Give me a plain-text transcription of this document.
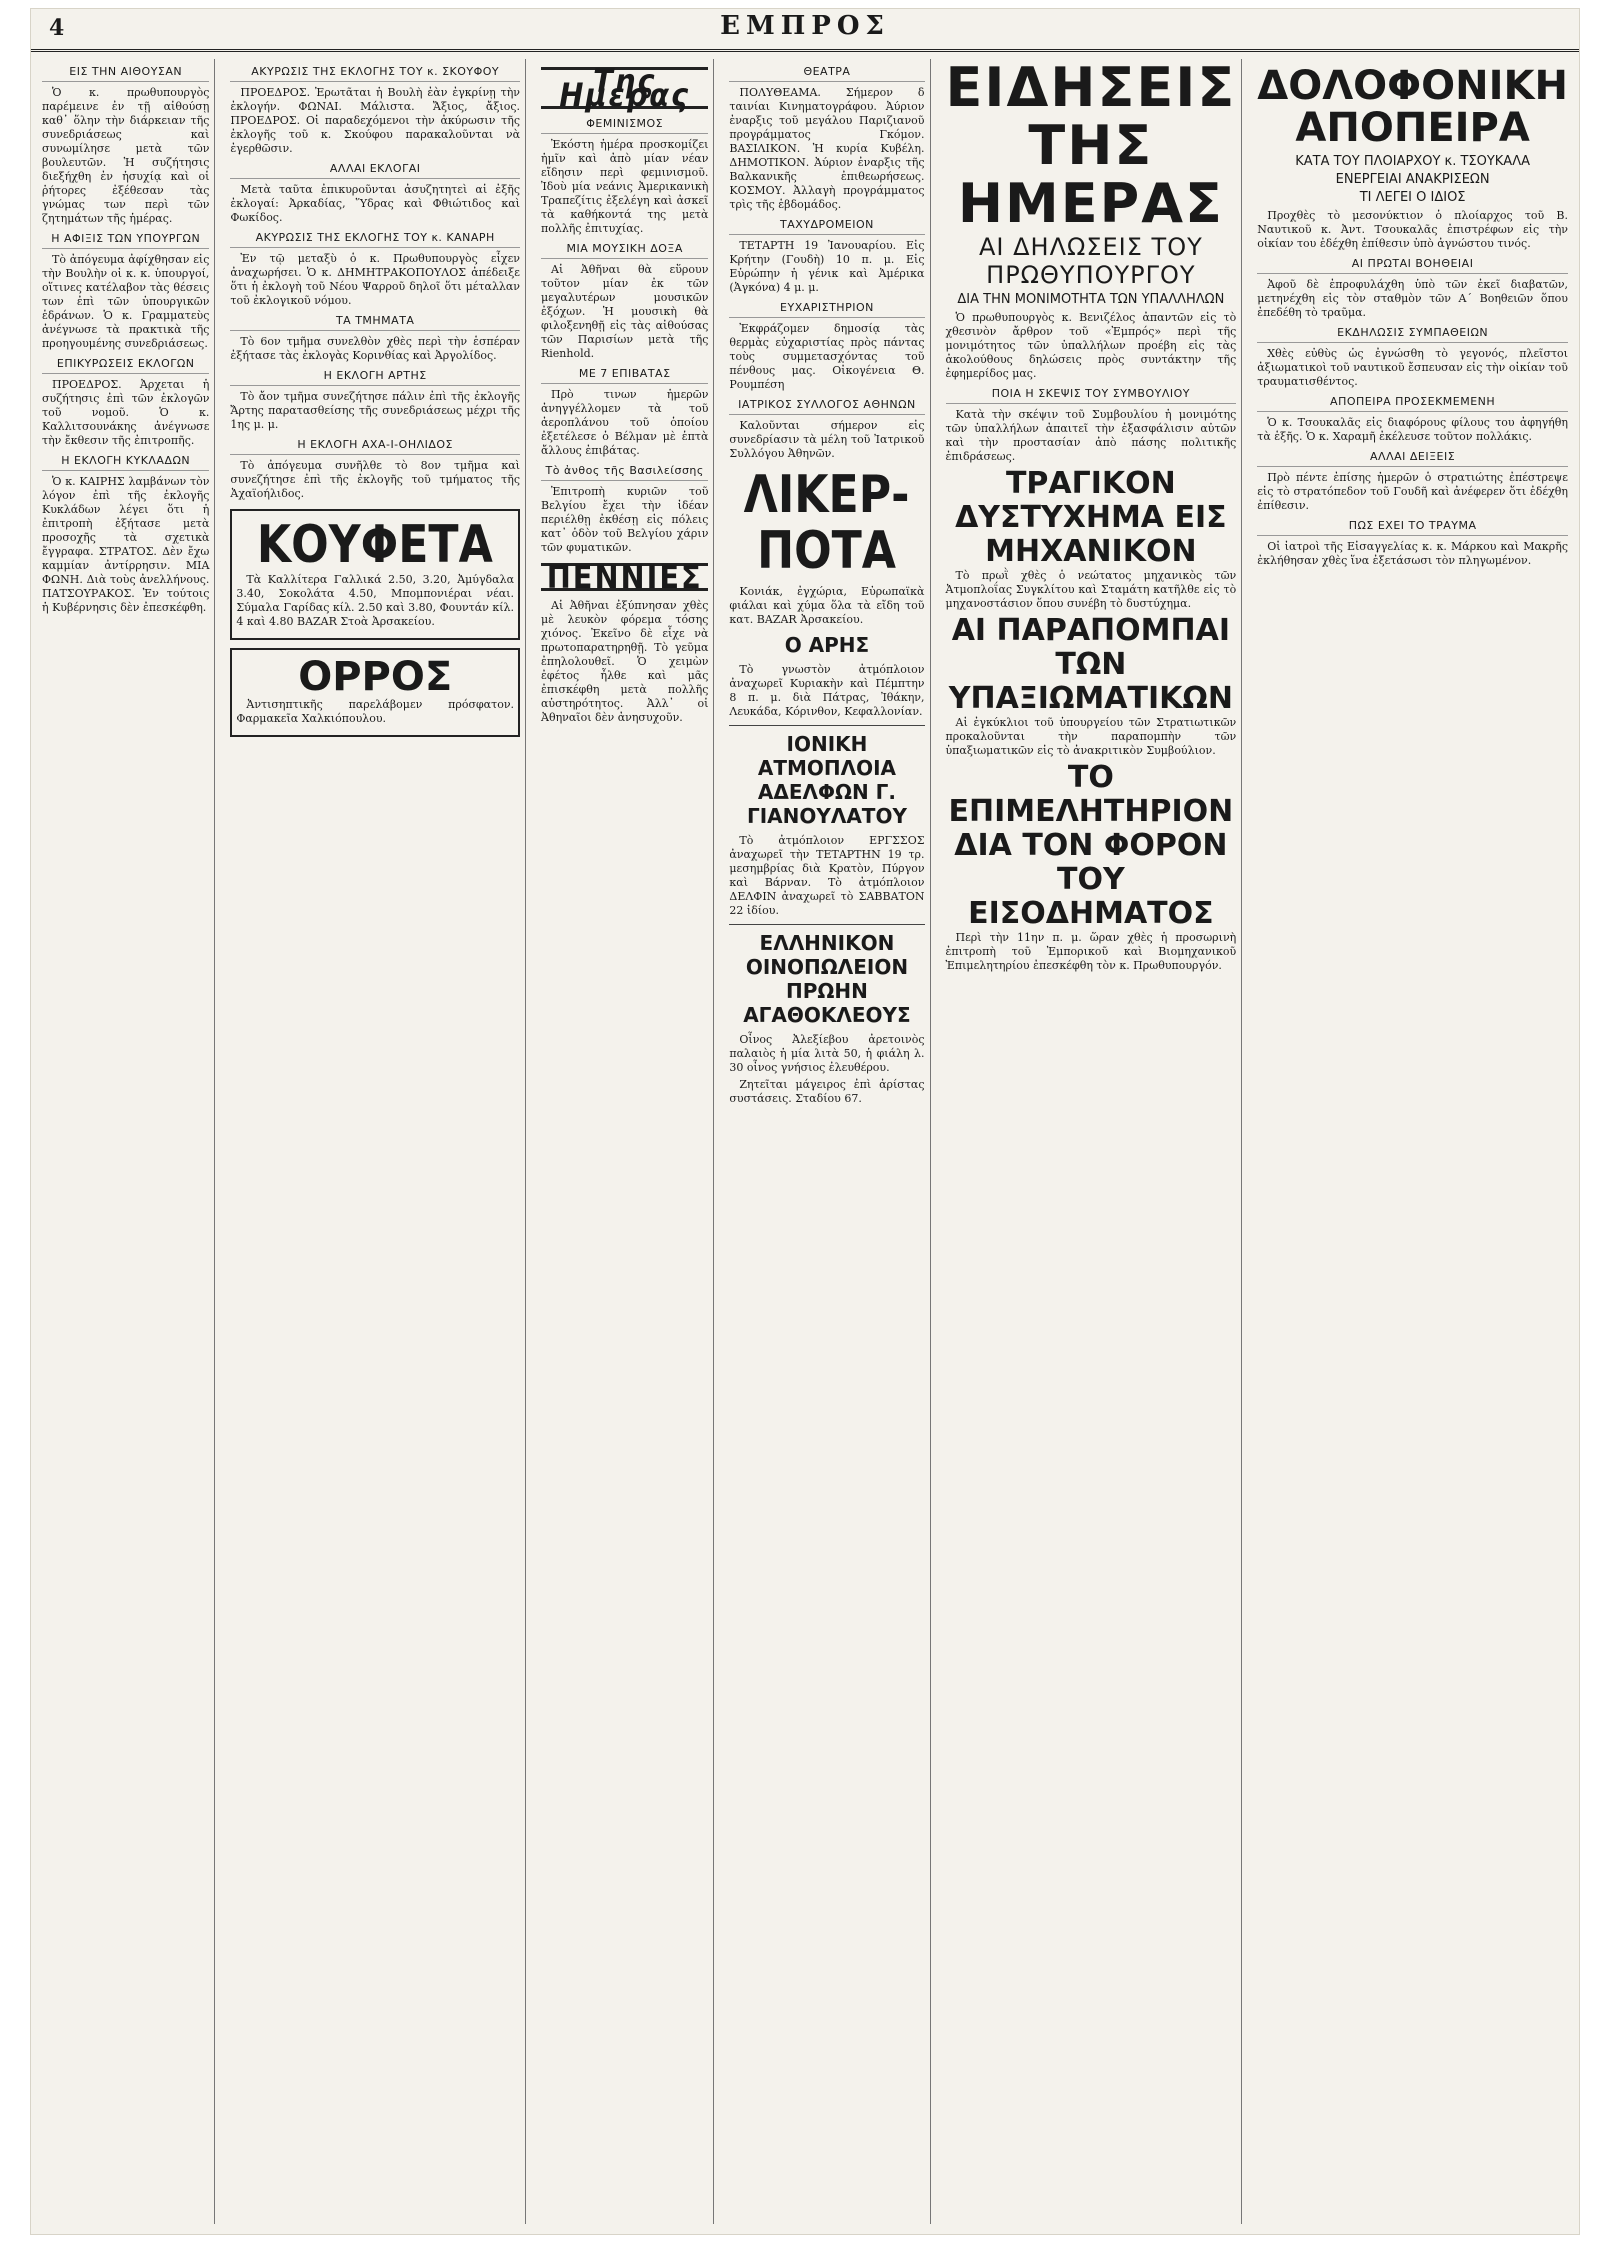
4	ΕΜΠΡΟΣ
ΕΙΣ ΤΗΝ ΑΙΘΟΥΣΑΝ

Ὁ κ. πρωθυπουργὸς παρέμεινε ἐν τῇ αἰθούσῃ καθ᾽ ὅλην τὴν διάρκειαν τῆς συνεδριάσεως καὶ συνωμίλησε μετὰ τῶν βουλευτῶν. Ἡ συζήτησις διεξήχθη ἐν ἡσυχίᾳ καὶ οἱ ῥήτορες ἐξέθεσαν τὰς γνώμας των περὶ τῶν ζητημάτων τῆς ἡμέρας.

Η ΑΦΙΞΙΣ ΤΩΝ ΥΠΟΥΡΓΩΝ

Τὸ ἀπόγευμα ἀφίχθησαν εἰς τὴν Βουλὴν οἱ κ. κ. ὑπουργοί, οἵτινες κατέλαβον τὰς θέσεις των ἐπὶ τῶν ὑπουργικῶν ἑδράνων. Ὁ κ. Γραμματεὺς ἀνέγνωσε τὰ πρακτικὰ τῆς προηγουμένης συνεδριάσεως.

ΕΠΙΚΥΡΩΣΕΙΣ ΕΚΛΟΓΩΝ

ΠΡΟΕΔΡΟΣ. Ἀρχεται ἡ συζήτησις ἐπὶ τῶν ἐκλογῶν τοῦ νομοῦ. Ὁ κ. Καλλιτσουνάκης ἀνέγνωσε τὴν ἔκθεσιν τῆς ἐπιτροπῆς.

Η ΕΚΛΟΓΗ ΚΥΚΛΑΔΩΝ

Ὁ κ. ΚΑΙΡΗΣ λαμβάνων τὸν λόγον ἐπὶ τῆς ἐκλογῆς Κυκλάδων λέγει ὅτι ἡ ἐπιτροπὴ ἐξήτασε μετὰ προσοχῆς τὰ σχετικὰ ἔγγραφα. ΣΤΡΑΤΟΣ. Δὲν ἔχω καμμίαν ἀντίρρησιν. ΜΙΑ ΦΩΝΗ. Διὰ τοὺς ἀνελλήνους. ΠΑΤΣΟΥΡΑΚΟΣ. Ἐν τούτοις ἡ Κυβέρνησις δὲν ἐπεσκέφθη.

ΑΚΥΡΩΣΙΣ ΤΗΣ ΕΚΛΟΓΗΣ ΤΟΥ κ. ΣΚΟΥΦΟΥ

ΠΡΟΕΔΡΟΣ. Ἐρωτᾶται ἡ Βουλὴ ἐὰν ἐγκρίνῃ τὴν ἐκλογήν. ΦΩΝΑΙ. Μάλιστα. Ἄξιος, ἄξιος. ΠΡΟΕΔΡΟΣ. Οἱ παραδεχόμενοι τὴν ἀκύρωσιν τῆς ἐκλογῆς τοῦ κ. Σκούφου παρακαλοῦνται νὰ ἐγερθῶσιν.

ΑΛΛΑΙ ΕΚΛΟΓΑΙ

Μετὰ ταῦτα ἐπικυροῦνται ἀσυζητητεὶ αἱ ἐξῆς ἐκλογαί: Ἀρκαδίας, Ὕδρας καὶ Φθιώτιδος καὶ Φωκίδος.

ΑΚΥΡΩΣΙΣ ΤΗΣ ΕΚΛΟΓΗΣ ΤΟΥ κ. ΚΑΝΑΡΗ

Ἐν τῷ μεταξὺ ὁ κ. Πρωθυπουργὸς εἶχεν ἀναχωρήσει. Ὁ κ. ΔΗΜΗΤΡΑΚΟΠΟΥΛΟΣ ἀπέδειξε ὅτι ἡ ἐκλογὴ τοῦ Νέου Ψαρροῦ δηλοῖ ὅτι μέταλλαν τοῦ ἐκλογικοῦ νόμου.

ΤΑ ΤΜΗΜΑΤΑ

Τὸ 6ον τμῆμα συνελθὸν χθὲς περὶ τὴν ἑσπέραν ἐξήτασε τὰς ἐκλογὰς Κορινθίας καὶ Ἀργολίδος.

Η ΕΚΛΟΓΗ ΑΡΤΗΣ

Τὸ ἄον τμῆμα συνεζήτησε πάλιν ἐπὶ τῆς ἐκλογῆς Ἄρτης παρατασθείσης τῆς συνεδριάσεως μέχρι τῆς 1ης μ. μ.

Η ΕΚΛΟΓΗ ΑΧΑ-Ι-ΟΗΛΙΔΟΣ

Τὸ ἀπόγευμα συνῆλθε τὸ 8ον τμῆμα καὶ συνεζήτησε ἐπὶ τῆς ἐκλογῆς τοῦ τμήματος τῆς Ἀχαϊοήλιδος.

ΚΟΥΦΕΤΑ

Τὰ Καλλίτερα Γαλλικά 2.50, 3.20, Ἀμύγδαλα 3.40, Σοκολάτα 4.50, Μπομπονιέραι νέαι. Σύμαλα Γαρίδας κίλ. 2.50 καὶ 3.80, Φουντάν κίλ. 4 καὶ 4.80 BAZAR Στοὰ Ἀρσακείου.

ΟΡΡΟΣ

Ἀντισηπτικῆς παρελάβομεν πρόσφατον. Φαρμακεῖα Χαλκιόπουλου.

Της Ημερας
ΦΕΜΙΝΙΣΜΟΣ

Ἐκόστη ἡμέρα προσκομίζει ἡμῖν καὶ ἀπὸ μίαν νέαν εἴδησιν περὶ φεμινισμοῦ. Ἰδοὺ μία νεάνις Ἀμερικανικὴ Τραπεζίτις ἐξελέγη καὶ ἀσκεῖ τὰ καθήκοντά της μετὰ πολλῆς ἐπιτυχίας.

ΜΙΑ ΜΟΥΣΙΚΗ ΔΟΞΑ

Αἱ Ἀθῆναι θὰ εὕρουν τοῦτον μίαν ἐκ τῶν μεγαλυτέρων μουσικῶν ἐξόχων. Ἡ μουσικὴ θὰ φιλοξενηθῇ εἰς τὰς αἰθούσας τῶν Παρισίων μετὰ τῆς Rienhold.

ΜΕ 7 ΕΠΙΒΑΤΑΣ

Πρὸ τινων ἡμερῶν ἀνηγγέλλομεν τὰ τοῦ ἀεροπλάνου τοῦ ὁποίου ἐξετέλεσε ὁ Βέλμαν μὲ ἑπτὰ ἄλλους ἐπιβάτας.

Τὸ ἀνθος τῆς Βασιλείσσης

Ἐπιτροπὴ κυριῶν τοῦ Βελγίου ἔχει τὴν ἰδέαν περιέλθῃ ἐκθέσῃ εἰς πόλεις κατ᾽ ὁδὸν τοῦ Βελγίου χάριν τῶν φυματικῶν.

ΠΕΝΝΙΕΣ

Αἱ Ἀθῆναι ἐξύπνησαν χθὲς μὲ λευκὸν φόρεμα τόσης χιόνος. Ἐκεῖνο δὲ εἶχε νὰ πρωτοπαρατηρηθῇ. Τὸ γεῦμα ἐπηλολουθεῖ. Ὁ χειμὼν ἐφέτος ἦλθε καὶ μᾶς ἐπισκέφθη μετὰ πολλῆς αὐστηρότητος. Ἀλλ᾽ οἱ Ἀθηναῖοι δὲν ἀνησυχοῦν.

ΘΕΑΤΡΑ

ΠΟΛΥΘΕΑΜΑ. Σήμερον δ ταινίαι Κινηματογράφου. Ἀύριον ἐναρξις τοῦ μεγάλου Παριζιανοῦ προγράμματος Γκόμον. ΒΑΣΙΛΙΚΟΝ. Ἡ κυρία Κυβέλη. ΔΗΜΟΤΙΚΟΝ. Ἀύριον ἐναρξις τῆς Βαλκανικῆς ἐπιθεωρήσεως. ΚΟΣΜΟΥ. Ἀλλαγὴ προγράμματος τρὶς τῆς ἑβδομάδος.

ΤΑΧΥΔΡΟΜΕΙΟΝ

ΤΕΤΑΡΤΗ 19 Ἰανουαρίου. Εἰς Κρήτην (Γουδὴ) 10 π. μ. Εἰς Εὐρώπην ἡ γένικ καὶ Ἀμέρικα (Ἀγκόνα) 4 μ. μ.

ΕΥΧΑΡΙΣΤΗΡΙΟΝ

Ἐκφράζομεν δημοσίᾳ τὰς θερμὰς εὐχαριστίας πρὸς πάντας τοὺς συμμετασχόντας τοῦ πένθους μας. Οἰκογένεια Θ. Ρουμπέση

ΙΑΤΡΙΚΟΣ ΣΥΛΛΟΓΟΣ ΑΘΗΝΩΝ

Καλοῦνται σήμερον εἰς συνεδρίασιν τὰ μέλη τοῦ Ἰατρικοῦ Συλλόγου Ἀθηνῶν.

ΛΙΚΕΡ-ΠΟΤΑ

Κονιάκ, ἐγχώρια, Εὐρωπαϊκὰ φιάλαι καὶ χύμα ὅλα τὰ εἴδη τοῦ κατ. BAZAR Ἀρσακείου.

Ο ΑΡΗΣ

Τὸ γνωστὸν ἀτμόπλοιον ἀναχωρεῖ Κυριακὴν καὶ Πέμπτην 8 π. μ. διὰ Πάτρας, Ἰθάκην, Λευκάδα, Κόρινθον, Κεφαλλονίαν.

ΙΟΝΙΚΗ ΑΤΜΟΠΛΟΙΑ ΑΔΕΛΦΩΝ Γ. ΓΙΑΝΟΥΛΑΤΟΥ

Τὸ ἀτμόπλοιον ΕΡΓΣΣΟΣ ἀναχωρεῖ τὴν ΤΕΤΑΡΤΗΝ 19 τρ. μεσημβρίας διὰ Κρατὸν, Πύργον καὶ Βάρναν. Τὸ ἀτμόπλοιον ΔΕΛΦΙΝ ἀναχωρεῖ τὸ ΣΑΒΒΑΤΟΝ 22 ἰδίου.

ΕΛΛΗΝΙΚΟΝ ΟΙΝΟΠΩΛΕΙΟΝ ΠΡΩΗΝ ΑΓΑΘΟΚΛΕΟΥΣ

Οἶνος Ἀλεξίεβου ἀρετοινὸς παλαιὸς ἡ μία λιτὰ 50, ἡ φιάλη λ. 30 οἶνος γνήσιος ἐλευθέρου.

Ζητεῖται μάγειρος ἐπὶ ἀρίστας συστάσεις. Σταδίου 67.

ΕΙΔΗΣΕΙΣ ΤΗΣ ΗΜΕΡΑΣ
ΑΙ ΔΗΛΩΣΕΙΣ ΤΟΥ ΠΡΩΘΥΠΟΥΡΓΟΥ
ΔΙΑ ΤΗΝ ΜΟΝΙΜΟΤΗΤΑ ΤΩΝ ΥΠΑΛΛΗΛΩΝ

Ὁ πρωθυπουργὸς κ. Βενιζέλος ἀπαντῶν εἰς τὸ χθεσινὸν ἄρθρον τοῦ «Ἐμπρός» περὶ τῆς μονιμότητος τῶν ὑπαλλήλων προέβη εἰς τὰς ἀκολούθους δηλώσεις πρὸς συντάκτην τῆς ἐφημερίδος μας.

ΠΟΙΑ Η ΣΚΕΨΙΣ ΤΟΥ ΣΥΜΒΟΥΛΙΟΥ

Κατὰ τὴν σκέψιν τοῦ Συμβουλίου ἡ μονιμότης τῶν ὑπαλλήλων ἀπαιτεῖ τὴν ἐξασφάλισιν αὐτῶν καὶ τὴν προστασίαν ἀπὸ πάσης πολιτικῆς ἐπιδράσεως.

ΤΡΑΓΙΚΟΝ ΔΥΣΤΥΧΗΜΑ ΕΙΣ ΜΗΧΑΝΙΚΟΝ

Τὸ πρωῒ χθὲς ὁ νεώτατος μηχανικὸς τῶν Ἀτμοπλοΐας Συγκλίτου καὶ Σταμάτη κατῆλθε εἰς τὸ μηχανοστάσιον ὅπου συνέβη τὸ δυστύχημα.

ΑΙ ΠΑΡΑΠΟΜΠΑΙ ΤΩΝ ΥΠΑΞΙΩΜΑΤΙΚΩΝ

Αἱ ἐγκύκλιοι τοῦ ὑπουργείου τῶν Στρατιωτικῶν προκαλοῦνται τὴν παραπομπὴν τῶν ὑπαξιωματικῶν εἰς τὸ ἀνακριτικὸν Συμβούλιον.

ΤΟ ΕΠΙΜΕΛΗΤΗΡΙΟΝ ΔΙΑ ΤΟΝ ΦΟΡΟΝ ΤΟΥ ΕΙΣΟΔΗΜΑΤΟΣ

Περὶ τὴν 11ην π. μ. ὥραν χθὲς ἡ προσωρινὴ ἐπιτροπὴ τοῦ Ἐμπορικοῦ καὶ Βιομηχανικοῦ Ἐπιμελητηρίου ἐπεσκέφθη τὸν κ. Πρωθυπουργόν.

ΔΟΛΟΦΟΝΙΚΗ ΑΠΟΠΕΙΡΑ
ΚΑΤΑ ΤΟΥ ΠΛΟΙΑΡΧΟΥ κ. ΤΣΟΥΚΑΛΑ
ΕΝΕΡΓΕΙΑΙ ΑΝΑΚΡΙΣΕΩΝ
ΤΙ ΛΕΓΕΙ Ο ΙΔΙΟΣ

Προχθὲς τὸ μεσονύκτιον ὁ πλοίαρχος τοῦ Β. Ναυτικοῦ κ. Ἀντ. Τσουκαλᾶς ἐπιστρέφων εἰς τὴν οἰκίαν του ἐδέχθη ἐπίθεσιν ὑπὸ ἀγνώστου τινός.

ΑΙ ΠΡΩΤΑΙ ΒΟΗΘΕΙΑΙ

Ἀφοῦ δὲ ἐπροφυλάχθη ὑπὸ τῶν ἐκεῖ διαβατῶν, μετηνέχθη εἰς τὸν σταθμὸν τῶν Α΄ Βοηθειῶν ὅπου ἐπεδέθη τὸ τραῦμα.

ΕΚΔΗΛΩΣΙΣ ΣΥΜΠΑΘΕΙΩΝ

Χθὲς εὐθὺς ὡς ἐγνώσθη τὸ γεγονός, πλεῖστοι ἀξιωματικοὶ τοῦ ναυτικοῦ ἔσπευσαν εἰς τὴν οἰκίαν τοῦ τραυματισθέντος.

ΑΠΟΠΕΙΡΑ ΠΡΟΣΕΚΜΕΜΕΝΗ

Ὁ κ. Τσουκαλᾶς εἰς διαφόρους φίλους του ἀφηγήθη τὰ ἑξῆς. Ὁ κ. Χαραμῆ ἐκέλευσε τοῦτον πολλάκις.

ΑΛΛΑΙ ΔΕΙΞΕΙΣ

Πρὸ πέντε ἐπίσης ἡμερῶν ὁ στρατιώτης ἐπέστρεψε εἰς τὸ στρατόπεδον τοῦ Γουδῆ καὶ ἀνέφερεν ὅτι ἐδέχθη ἐπίθεσιν.

ΠΩΣ ΕΧΕΙ ΤΟ ΤΡΑΥΜΑ

Οἱ ἰατροὶ τῆς Εἰσαγγελίας κ. κ. Μάρκου καὶ Μακρῆς ἐκλήθησαν χθὲς ἵνα ἐξετάσωσι τὸν πληγωμένον.
